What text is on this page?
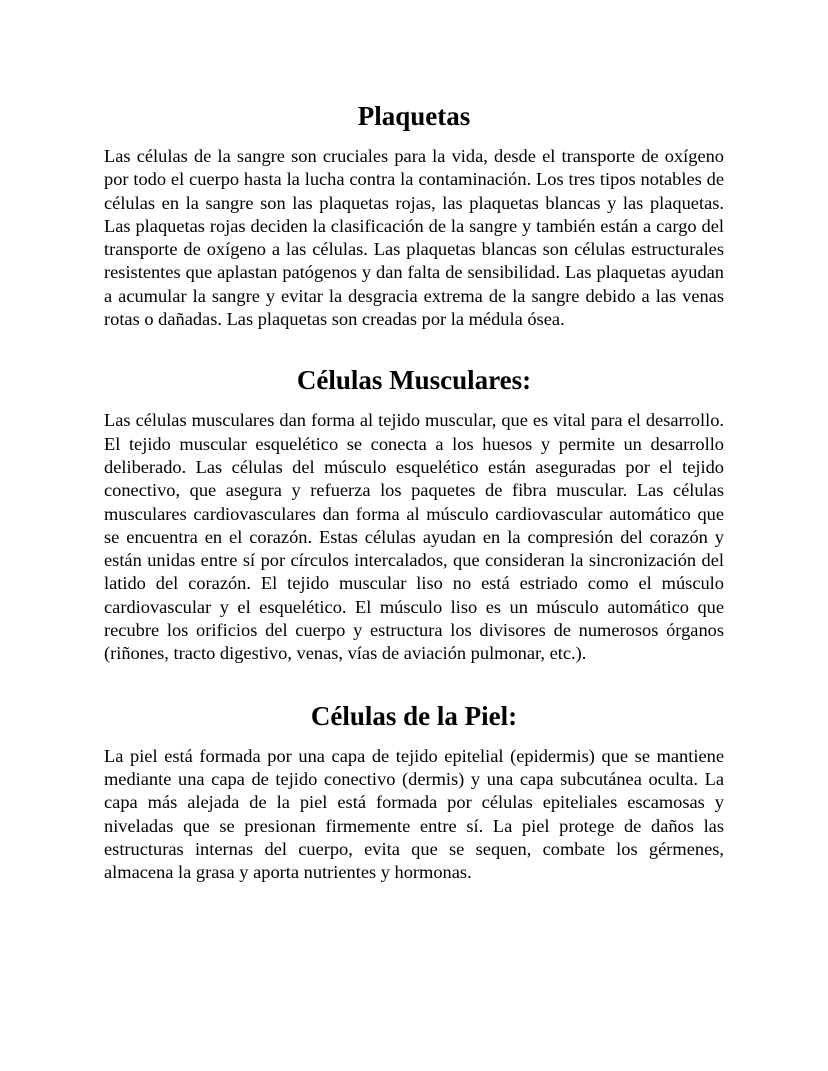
Plaquetas

Las células de la sangre son cruciales para la vida, desde el transporte de oxígeno por todo el cuerpo hasta la lucha contra la contaminación. Los tres tipos notables de células en la sangre son las plaquetas rojas, las plaquetas blancas y las plaquetas. Las plaquetas rojas deciden la clasificación de la sangre y también están a cargo del transporte de oxígeno a las células. Las plaquetas blancas son células estructurales resistentes que aplastan patógenos y dan falta de sensibilidad. Las plaquetas ayudan a acumular la sangre y evitar la desgracia extrema de la sangre debido a las venas rotas o dañadas. Las plaquetas son creadas por la médula ósea.

Células Musculares:

Las células musculares dan forma al tejido muscular, que es vital para el desarrollo. El tejido muscular esquelético se conecta a los huesos y permite un desarrollo deliberado. Las células del músculo esquelético están aseguradas por el tejido conectivo, que asegura y refuerza los paquetes de fibra muscular. Las células musculares cardiovasculares dan forma al músculo cardiovascular automático que se encuentra en el corazón. Estas células ayudan en la compresión del corazón y están unidas entre sí por círculos intercalados, que consideran la sincronización del latido del corazón. El tejido muscular liso no está estriado como el músculo cardiovascular y el esquelético. El músculo liso es un músculo automático que recubre los orificios del cuerpo y estructura los divisores de numerosos órganos (riñones, tracto digestivo, venas, vías de aviación pulmonar, etc.).

Células de la Piel:

La piel está formada por una capa de tejido epitelial (epidermis) que se mantiene mediante una capa de tejido conectivo (dermis) y una capa subcutánea oculta. La capa más alejada de la piel está formada por células epiteliales escamosas y niveladas que se presionan firmemente entre sí. La piel protege de daños las estructuras internas del cuerpo, evita que se sequen, combate los gérmenes, almacena la grasa y aporta nutrientes y hormonas.
